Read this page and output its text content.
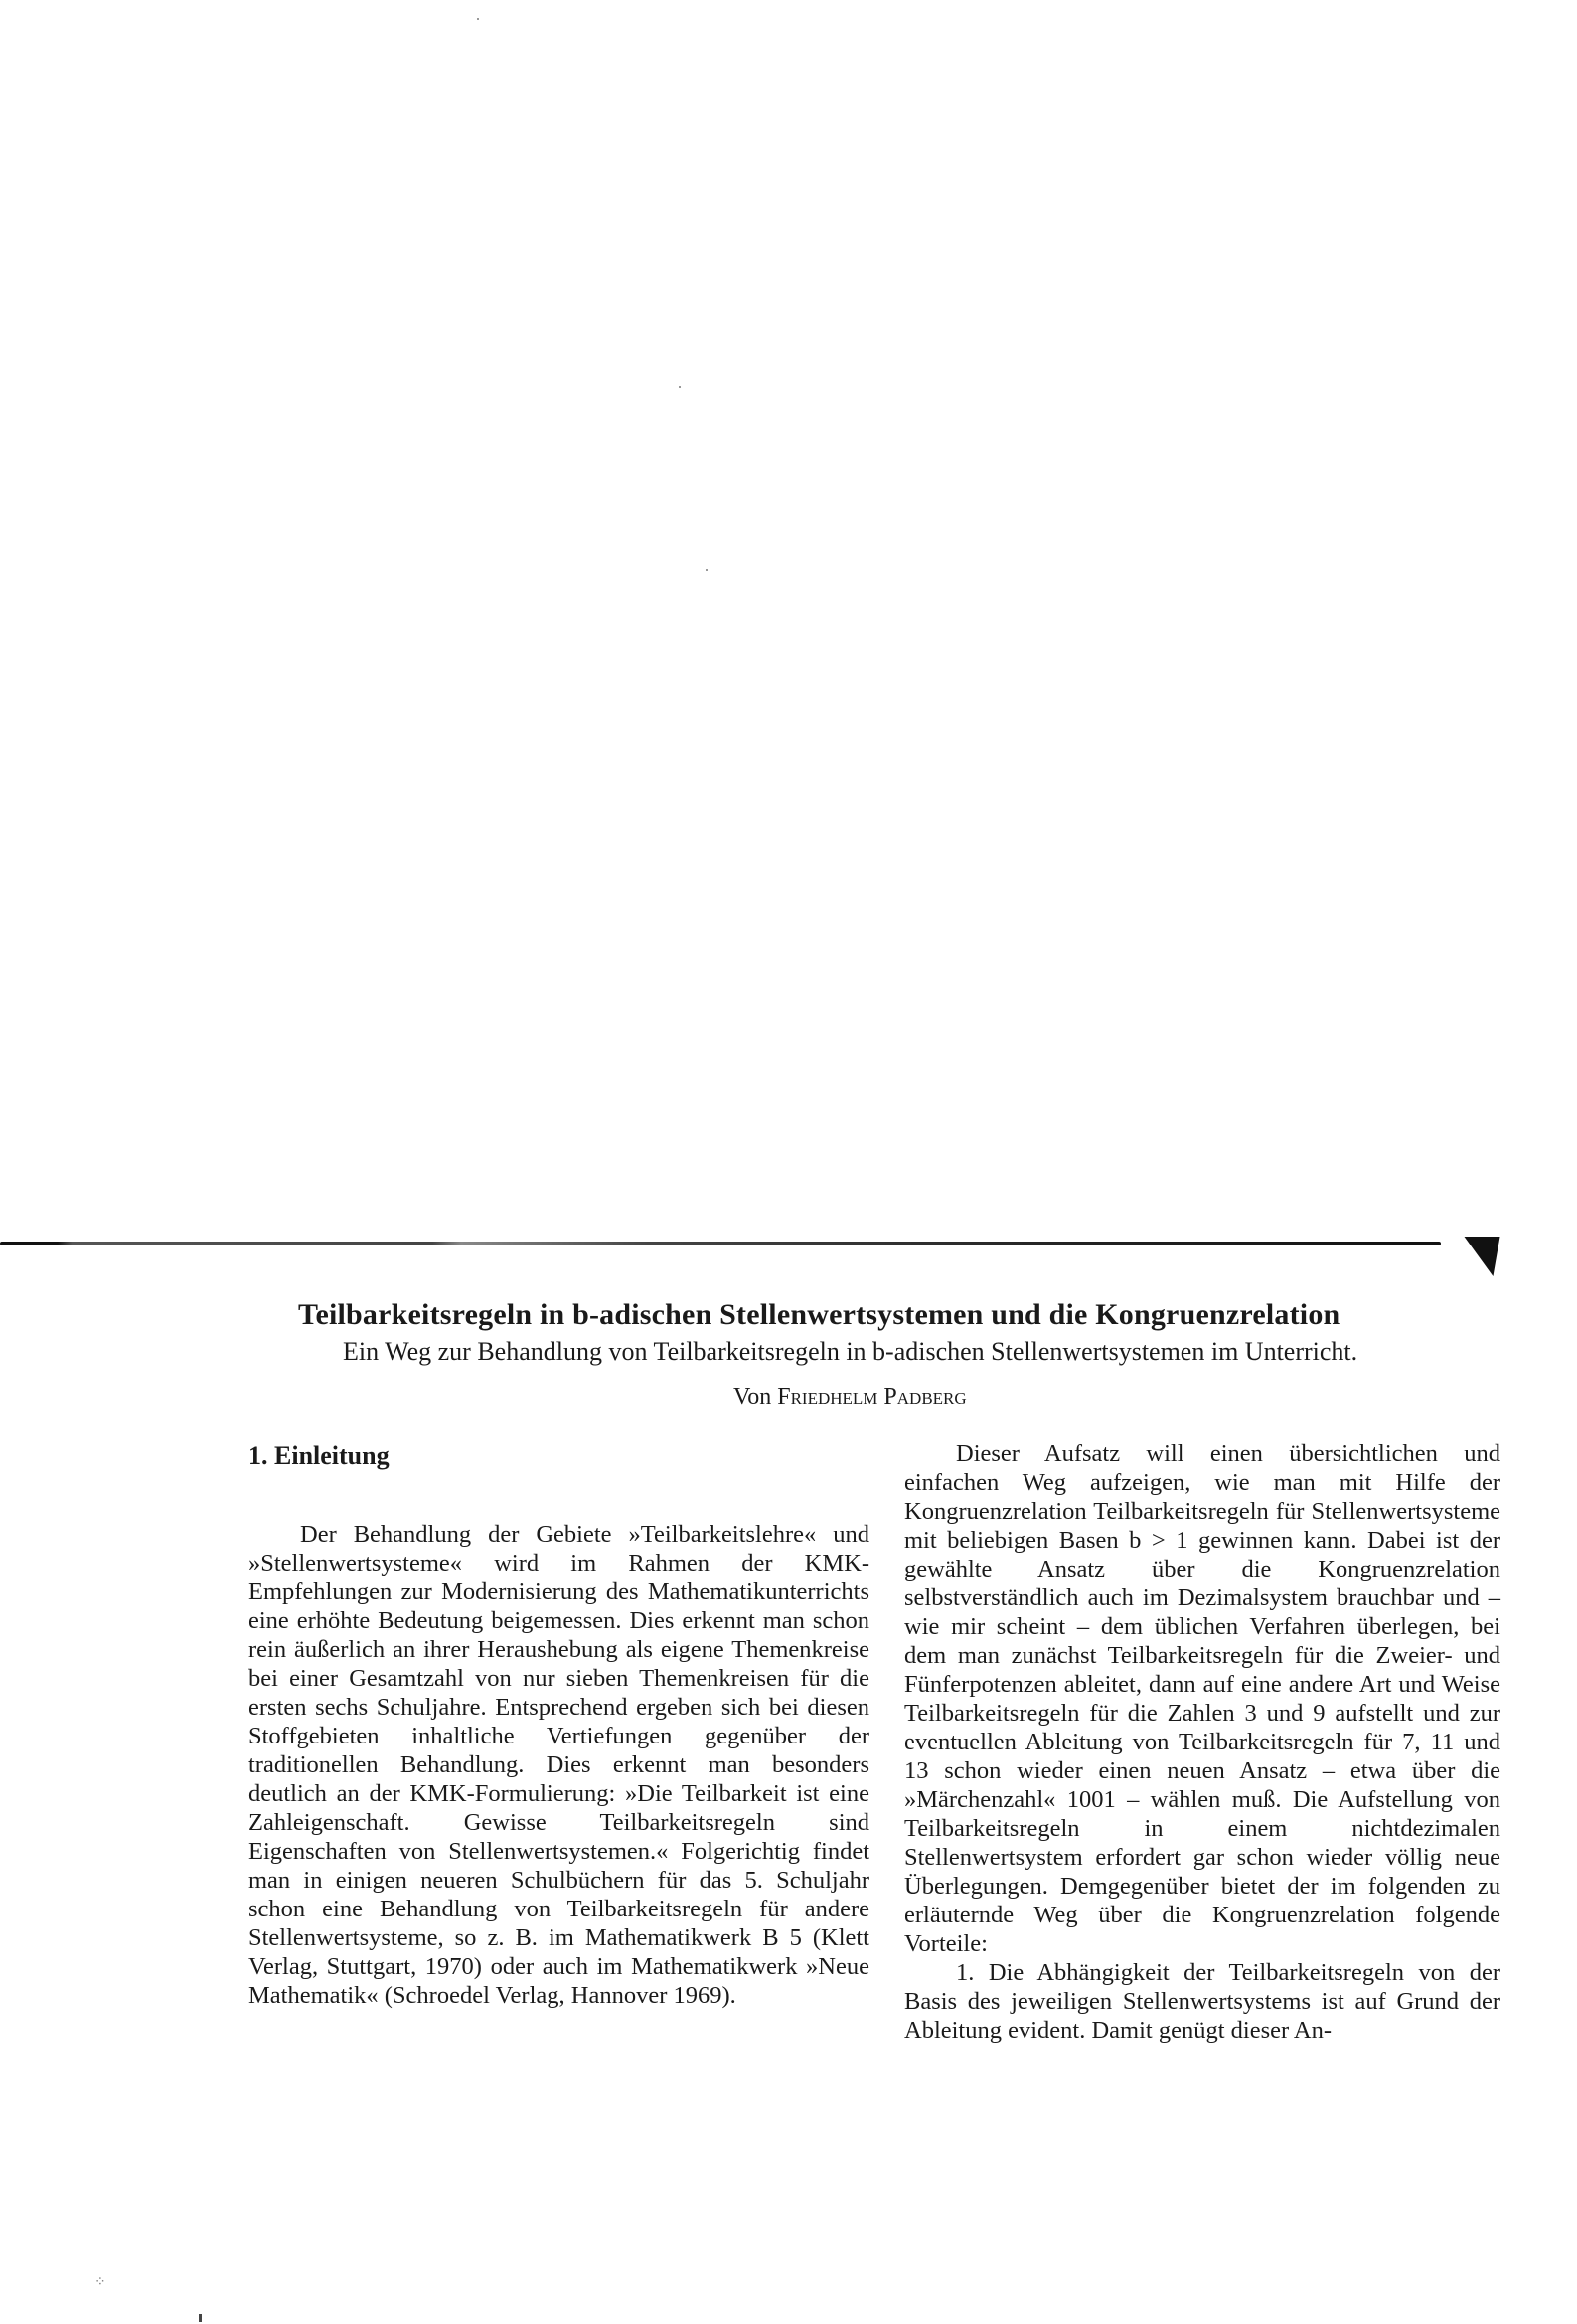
Teilbarkeitsregeln in b-adischen Stellenwertsystemen und die Kongruenzrelation
Ein Weg zur Behandlung von Teilbarkeitsregeln in b-adischen Stellenwertsystemen im Unterricht.
Von Friedhelm Padberg
1. Einleitung

Der Behandlung der Gebiete »Teilbarkeitslehre« und »Stellenwertsysteme« wird im Rahmen der KMK-Empfehlungen zur Modernisierung des Mathematikunterrichts eine erhöhte Bedeutung beigemessen. Dies erkennt man schon rein äußerlich an ihrer Heraushebung als eigene Themenkreise bei einer Gesamtzahl von nur sieben Themenkreisen für die ersten sechs Schuljahre. Entsprechend ergeben sich bei diesen Stoffgebieten inhaltliche Vertiefungen gegenüber der traditionellen Behandlung. Dies erkennt man besonders deutlich an der KMK-Formulierung: »Die Teilbarkeit ist eine Zahleigenschaft. Gewisse Teilbarkeitsregeln sind Eigenschaften von Stellenwertsystemen.« Folgerichtig findet man in einigen neueren Schulbüchern für das 5. Schuljahr schon eine Behandlung von Teilbarkeitsregeln für andere Stellenwertsysteme, so z. B. im Mathematikwerk B 5 (Klett Verlag, Stuttgart, 1970) oder auch im Mathematikwerk »Neue Mathematik« (Schroedel Verlag, Hannover 1969).

Dieser Aufsatz will einen übersichtlichen und einfachen Weg aufzeigen, wie man mit Hilfe der Kongruenzrelation Teilbarkeitsregeln für Stellenwertsysteme mit beliebigen Basen b > 1 gewinnen kann. Dabei ist der gewählte Ansatz über die Kongruenzrelation selbstverständlich auch im Dezimalsystem brauchbar und – wie mir scheint – dem üblichen Verfahren überlegen, bei dem man zunächst Teilbarkeitsregeln für die Zweier- und Fünferpotenzen ableitet, dann auf eine andere Art und Weise Teilbarkeitsregeln für die Zahlen 3 und 9 aufstellt und zur eventuellen Ableitung von Teilbarkeitsregeln für 7, 11 und 13 schon wieder einen neuen Ansatz – etwa über die »Märchenzahl« 1001 – wählen muß. Die Aufstellung von Teilbarkeitsregeln in einem nichtdezimalen Stellenwertsystem erfordert gar schon wieder völlig neue Überlegungen. Demgegenüber bietet der im folgenden zu erläuternde Weg über die Kongruenzrelation folgende Vorteile:

1. Die Abhängigkeit der Teilbarkeitsregeln von der Basis des jeweiligen Stellenwertsystems ist auf Grund der Ableitung evident. Damit genügt dieser An-

⁘
